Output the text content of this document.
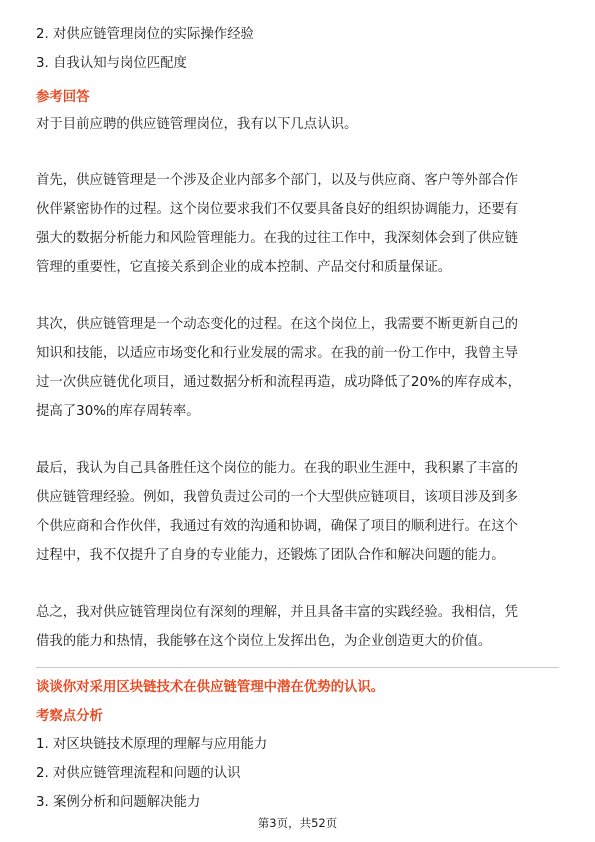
2. 对供应链管理岗位的实际操作经验
3. 自我认知与岗位匹配度
参考回答
对于目前应聘的供应链管理岗位，我有以下几点认识。
首先，供应链管理是一个涉及企业内部多个部门，以及与供应商、客户等外部合作
伙伴紧密协作的过程。这个岗位要求我们不仅要具备良好的组织协调能力，还要有
强大的数据分析能力和风险管理能力。在我的过往工作中，我深刻体会到了供应链
管理的重要性，它直接关系到企业的成本控制、产品交付和质量保证。
其次，供应链管理是一个动态变化的过程。在这个岗位上，我需要不断更新自己的
知识和技能，以适应市场变化和行业发展的需求。在我的前一份工作中，我曾主导
过一次供应链优化项目，通过数据分析和流程再造，成功降低了20%的库存成本，
提高了30%的库存周转率。
最后，我认为自己具备胜任这个岗位的能力。在我的职业生涯中，我积累了丰富的
供应链管理经验。例如，我曾负责过公司的一个大型供应链项目，该项目涉及到多
个供应商和合作伙伴，我通过有效的沟通和协调，确保了项目的顺利进行。在这个
过程中，我不仅提升了自身的专业能力，还锻炼了团队合作和解决问题的能力。
总之，我对供应链管理岗位有深刻的理解，并且具备丰富的实践经验。我相信，凭
借我的能力和热情，我能够在这个岗位上发挥出色，为企业创造更大的价值。
谈谈你对采用区块链技术在供应链管理中潜在优势的认识。
考察点分析
1. 对区块链技术原理的理解与应用能力
2. 对供应链管理流程和问题的认识
3. 案例分析和问题解决能力
第3页，共52页
